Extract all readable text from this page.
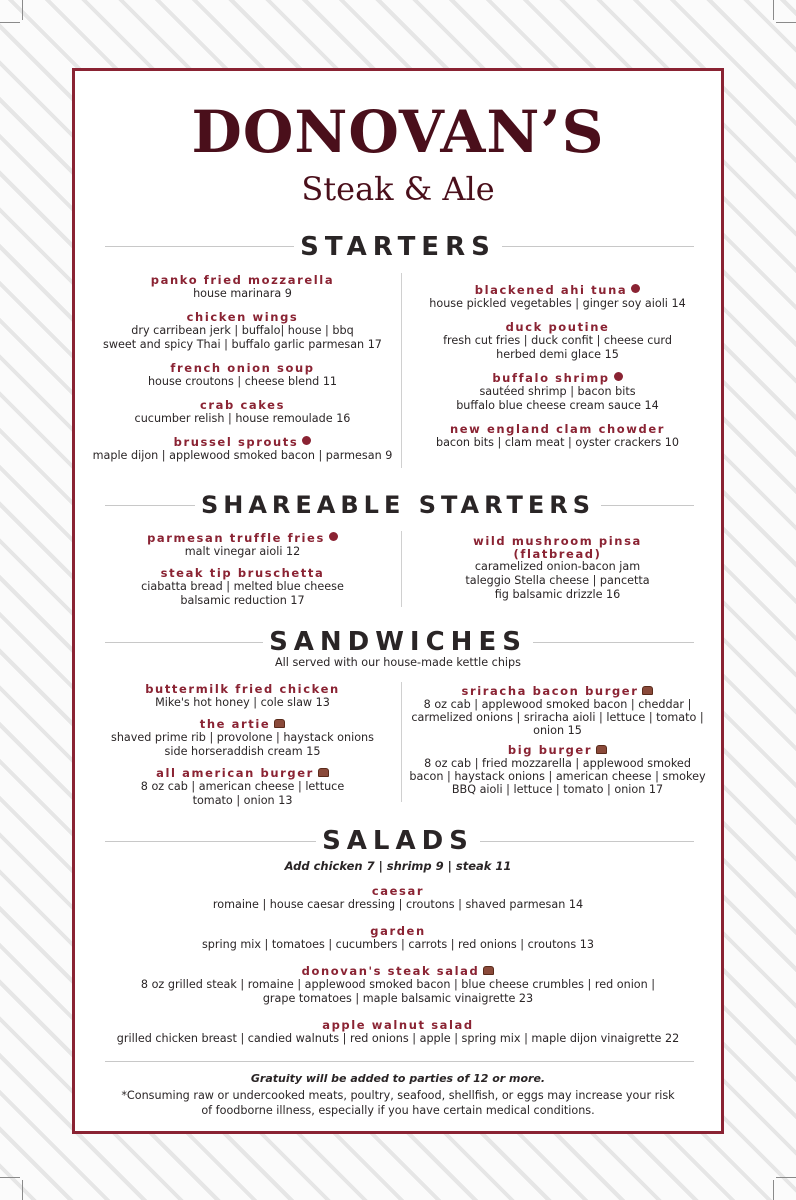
DONOVAN’S
Steak & Ale
STARTERS

panko fried mozzarella

house marinara 9

chicken wings

dry carribean jerk | buffalo| house | bbq

sweet and spicy Thai | buffalo garlic parmesan 17

french onion soup

house croutons | cheese blend 11

crab cakes

cucumber relish | house remoulade 16

brussel sprouts

maple dijon | applewood smoked bacon | parmesan 9

blackened ahi tuna

house pickled vegetables | ginger soy aioli 14

duck poutine

fresh cut fries | duck confit | cheese curd

herbed demi glace 15

buffalo shrimp

sautéed shrimp | bacon bits

buffalo blue cheese cream sauce 14

new england clam chowder

bacon bits | clam meat | oyster crackers 10

SHAREABLE STARTERS

parmesan truffle fries

malt vinegar aioli 12

steak tip bruschetta

ciabatta bread | melted blue cheese

balsamic reduction 17

wild mushroom pinsa

(flatbread)

caramelized onion-bacon jam

taleggio Stella cheese | pancetta

fig balsamic drizzle 16

SANDWICHES
All served with our house-made kettle chips

buttermilk fried chicken

Mike's hot honey | cole slaw 13

the artie

shaved prime rib | provolone | haystack onions

side horseraddish cream 15

all american burger

8 oz cab | american cheese | lettuce

tomato | onion 13

sriracha bacon burger

8 oz cab | applewood smoked bacon | cheddar |

carmelized onions | sriracha aioli | lettuce | tomato |

onion 15

big burger

8 oz cab | fried mozzarella | applewood smoked

bacon | haystack onions | american cheese | smokey

BBQ aioli | lettuce | tomato | onion 17

SALADS
Add chicken 7 | shrimp 9 | steak 11

caesar

romaine | house caesar dressing | croutons | shaved parmesan 14

garden

spring mix | tomatoes | cucumbers | carrots | red onions | croutons 13

donovan's steak salad

8 oz grilled steak | romaine | applewood smoked bacon | blue cheese crumbles | red onion |

grape tomatoes | maple balsamic vinaigrette 23

apple walnut salad

grilled chicken breast | candied walnuts | red onions | apple | spring mix | maple dijon vinaigrette 22

Gratuity will be added to parties of 12 or more.
*Consuming raw or undercooked meats, poultry, seafood, shellfish, or eggs may increase your risk
of foodborne illness, especially if you have certain medical conditions.
